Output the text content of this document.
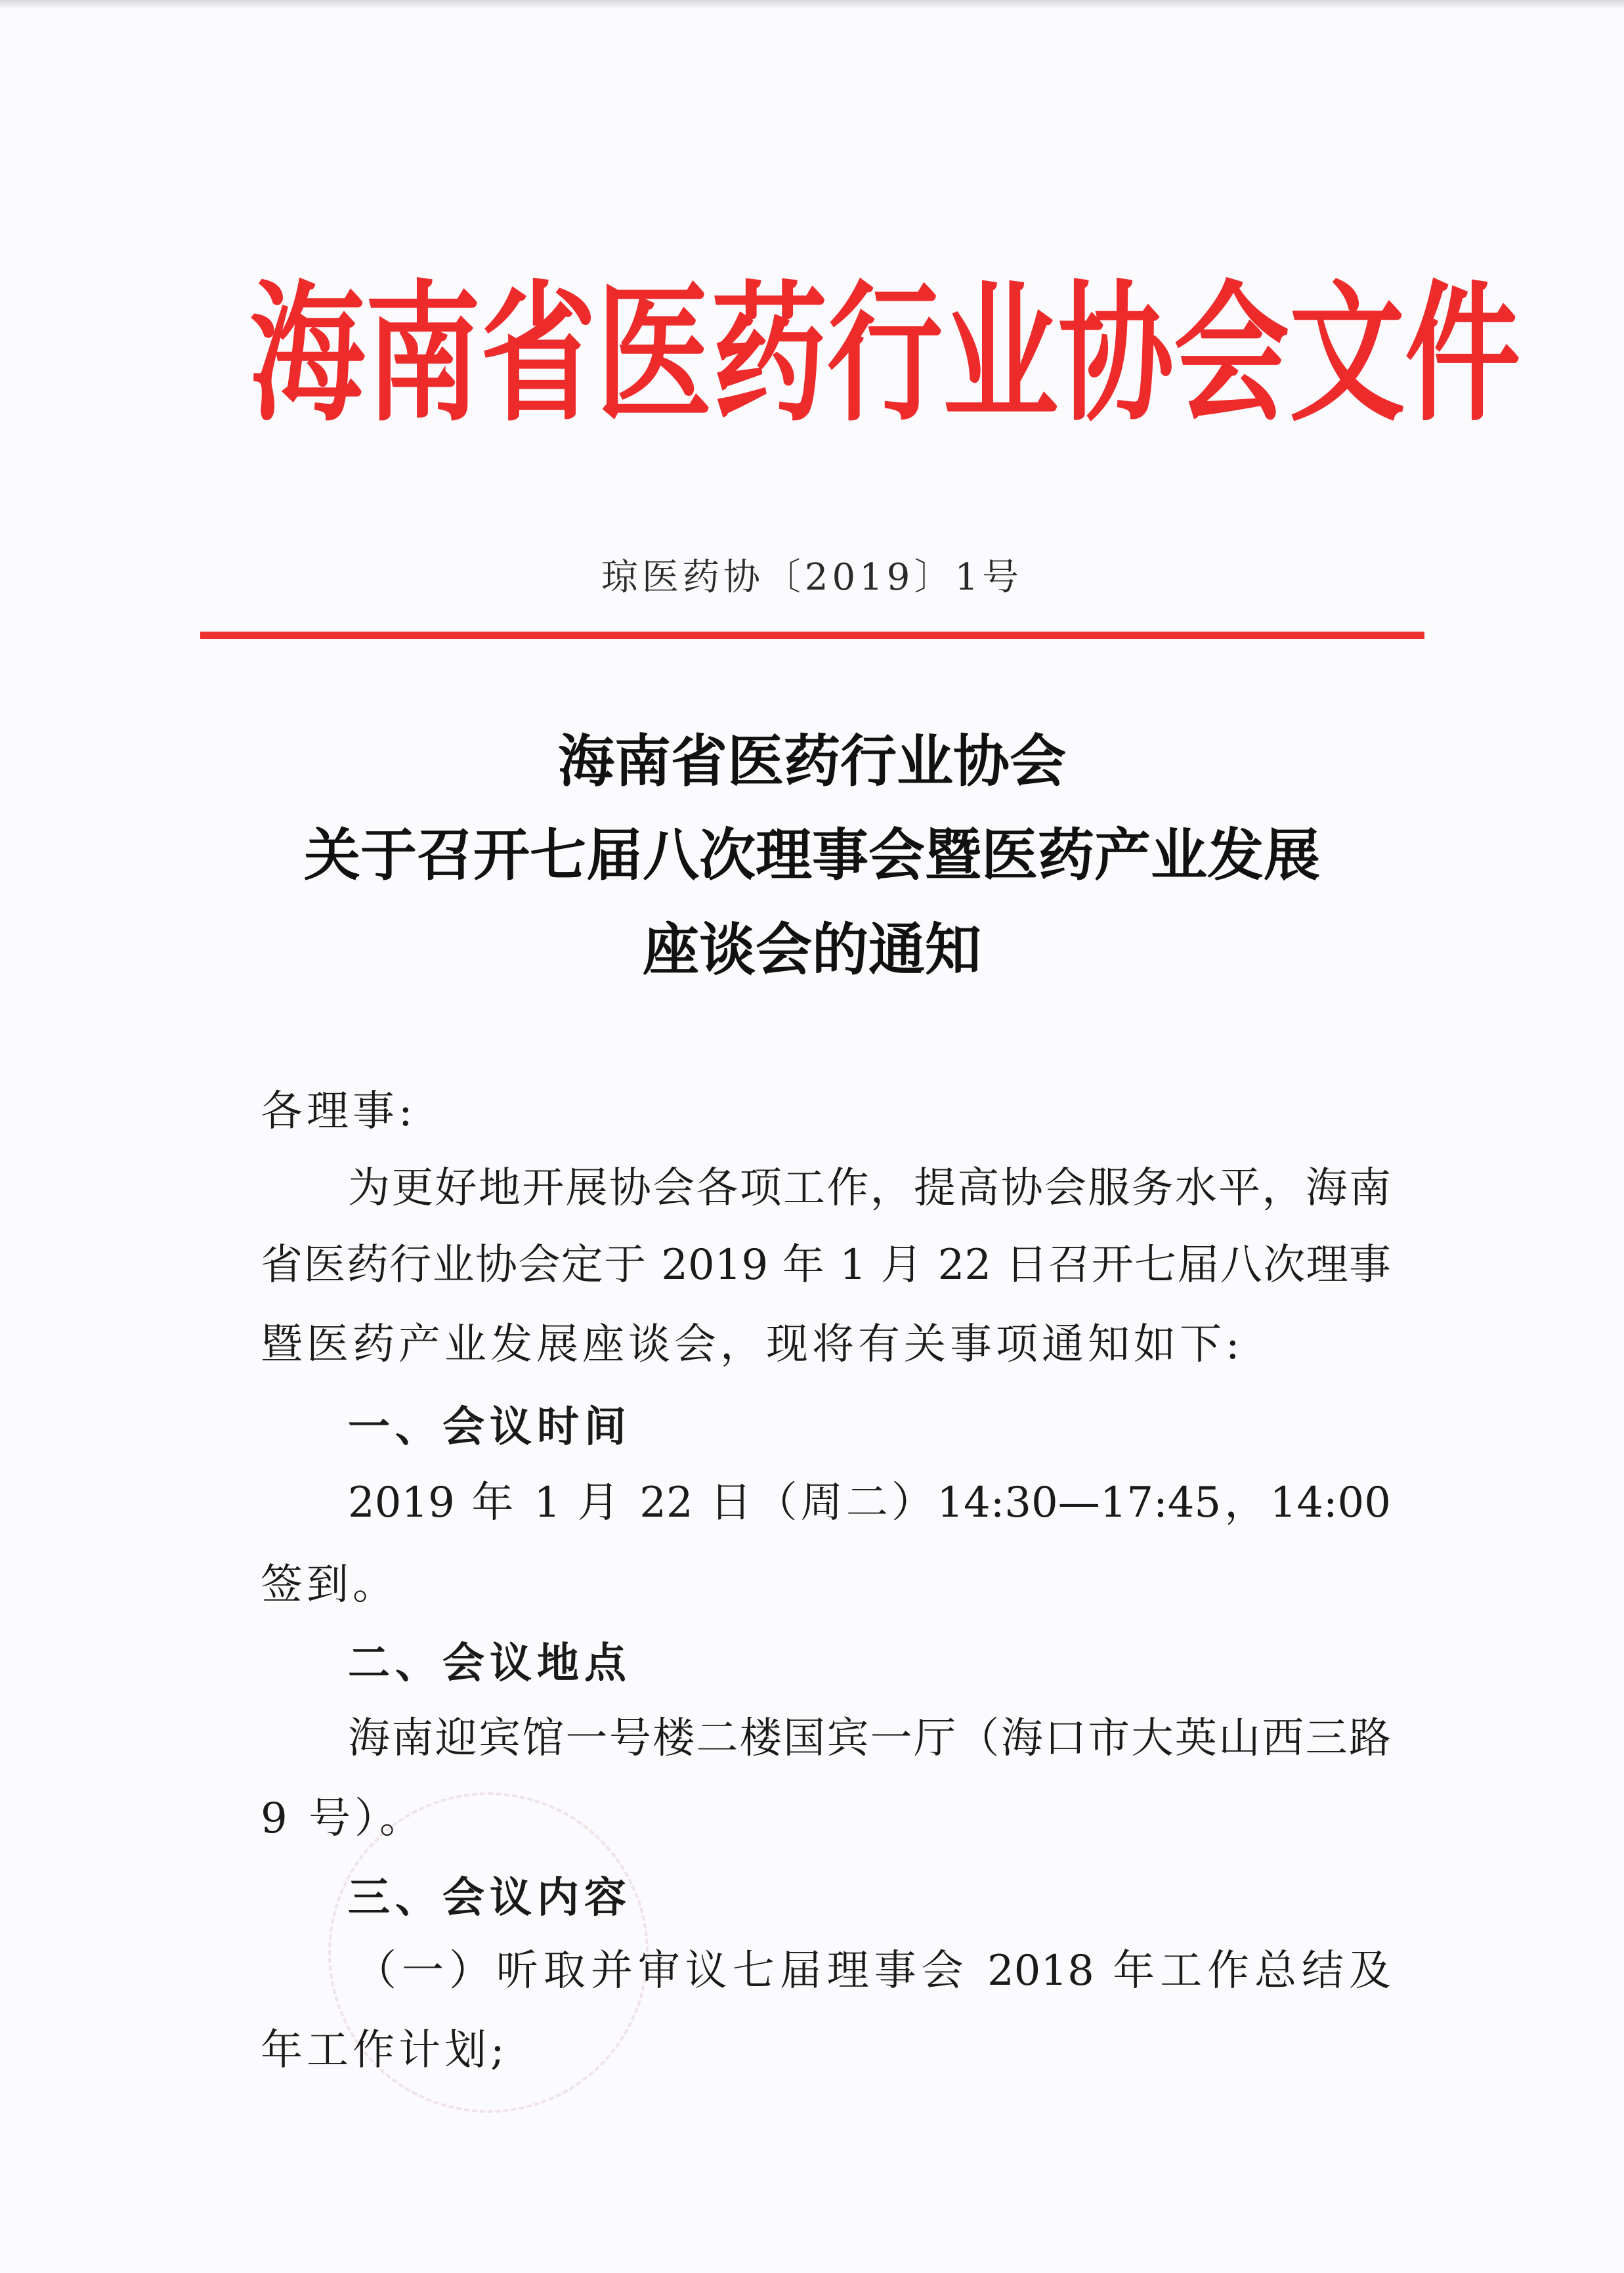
海 南 省 医 药 行 业 协 会 文 件
琼医药协〔2019〕1号
海南省医药行业协会
关于召开七届八次理事会暨医药产业发展
座谈会的通知
各理事:
为更好地开展协会各项工作，提高协会服务水平，海南
省医药行业协会定于 2019 年 1 月 22 日召开七届八次理事
暨医药产业发展座谈会，现将有关事项通知如下:
一、会议时间
2019 年 1 月 22 日（周二）14:30—17:45，14:00
签到。
二、会议地点
海南迎宾馆一号楼二楼国宾一厅（海口市大英山西三路
9 号）。
三、会议内容
（一）听取并审议七届理事会 2018 年工作总结及
年工作计划;
